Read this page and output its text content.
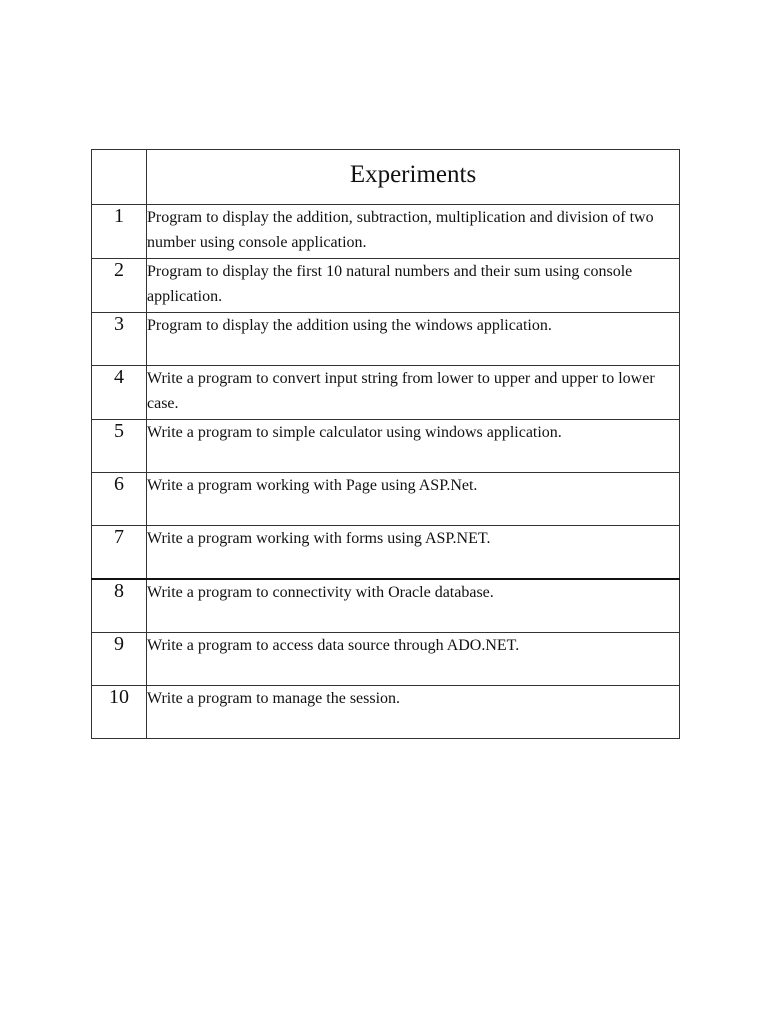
	Experiments
1	Program to display the addition, subtraction, multiplication and division of two number using console application.
2	Program to display the first 10 natural numbers and their sum using console application.
3	Program to display the addition using the windows application.
4	Write a program to convert input string from lower to upper and upper to lower case.
5	Write a program to simple calculator using windows application.
6	Write a program working with Page using ASP.Net.
7	Write a program working with forms using ASP.NET.
8	Write a program to connectivity with Oracle database.
9	Write a program to access data source through ADO.NET.
10	Write a program to manage the session.
